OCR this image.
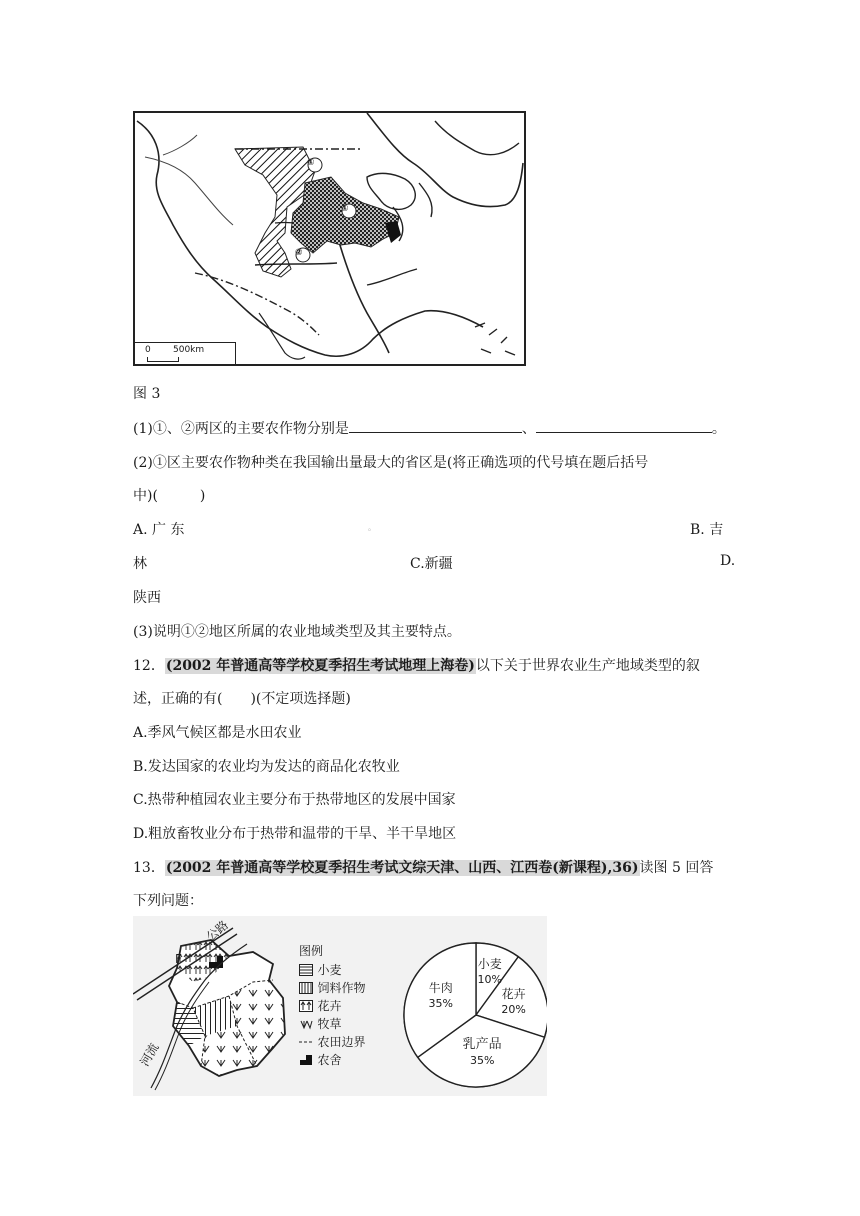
①
①
②
0 500km
图 3
(1)①、②两区的主要农作物分别是	、	。
(2)①区主要农作物种类在我国输出量最大的省区是(将正确选项的代号填在题后括号
中)(　　　)
A. 广 东	。	B. 吉
林	C.新疆	D.
陕西
(3)说明①②地区所属的农业地域类型及其主要特点。
12．(2002 年普通高等学校夏季招生考试地理上海卷)以下关于世界农业生产地域类型的叙
述，正确的有(　　)(不定项选择题)
A.季风气候区都是水田农业
B.发达国家的农业均为发达的商品化农牧业
C.热带种植园农业主要分布于热带地区的发展中国家
D.粗放畜牧业分布于热带和温带的干旱、半干旱地区
13．(2002 年普通高等学校夏季招生考试文综天津、山西、江西卷(新课程),36)读图 5 回答
下列问题：
公路
河流
F
图例
小麦
饲料作物
花卉
牧草
农田边界
农舍
小麦
10%
花卉
20%
乳产品
35%
牛肉
35%
